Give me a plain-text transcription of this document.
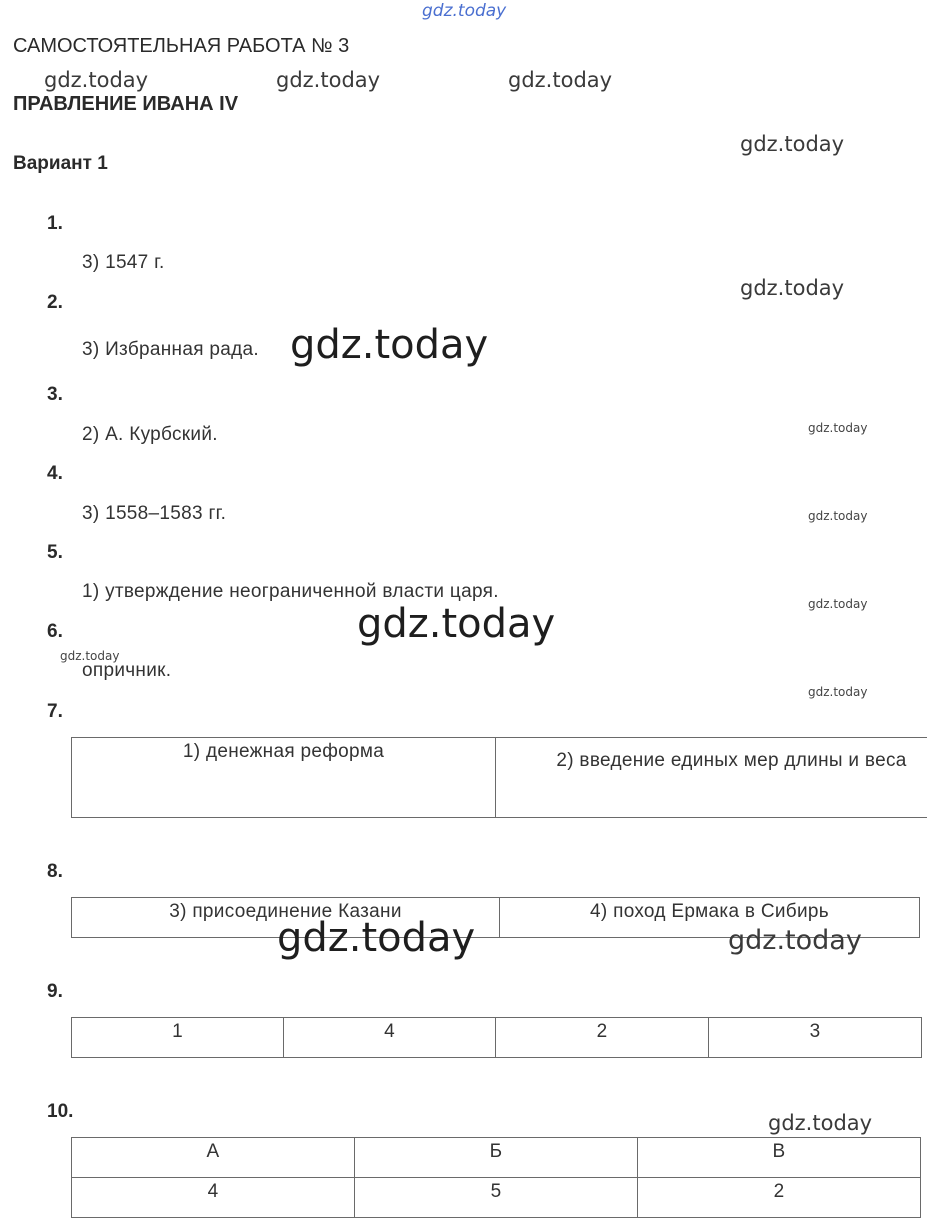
gdz.today
САМОСТОЯТЕЛЬНАЯ РАБОТА № 3
gdz.today	gdz.today	gdz.today
ПРАВЛЕНИЕ ИВАНА IV
gdz.today
Вариант 1
1.
3) 1547 г.
gdz.today
2.
3) Избранная рада. gdz.today
3.
2) А. Курбский.	gdz.today
4.
3) 1558–1583 гг.	gdz.today
5.
1) утверждение неограниченной власти царя.
gdz.today
6.	gdz.today
gdz.today
опричник.
gdz.today
7.
1) денежная реформа	2) введение единых мер длины и веса
8.
3) присоединение Казани	4) поход Ермака в Сибирь
gdz.today	gdz.today
9.
1	4	2	3
10.	gdz.today
А	Б	В
4	5	2
